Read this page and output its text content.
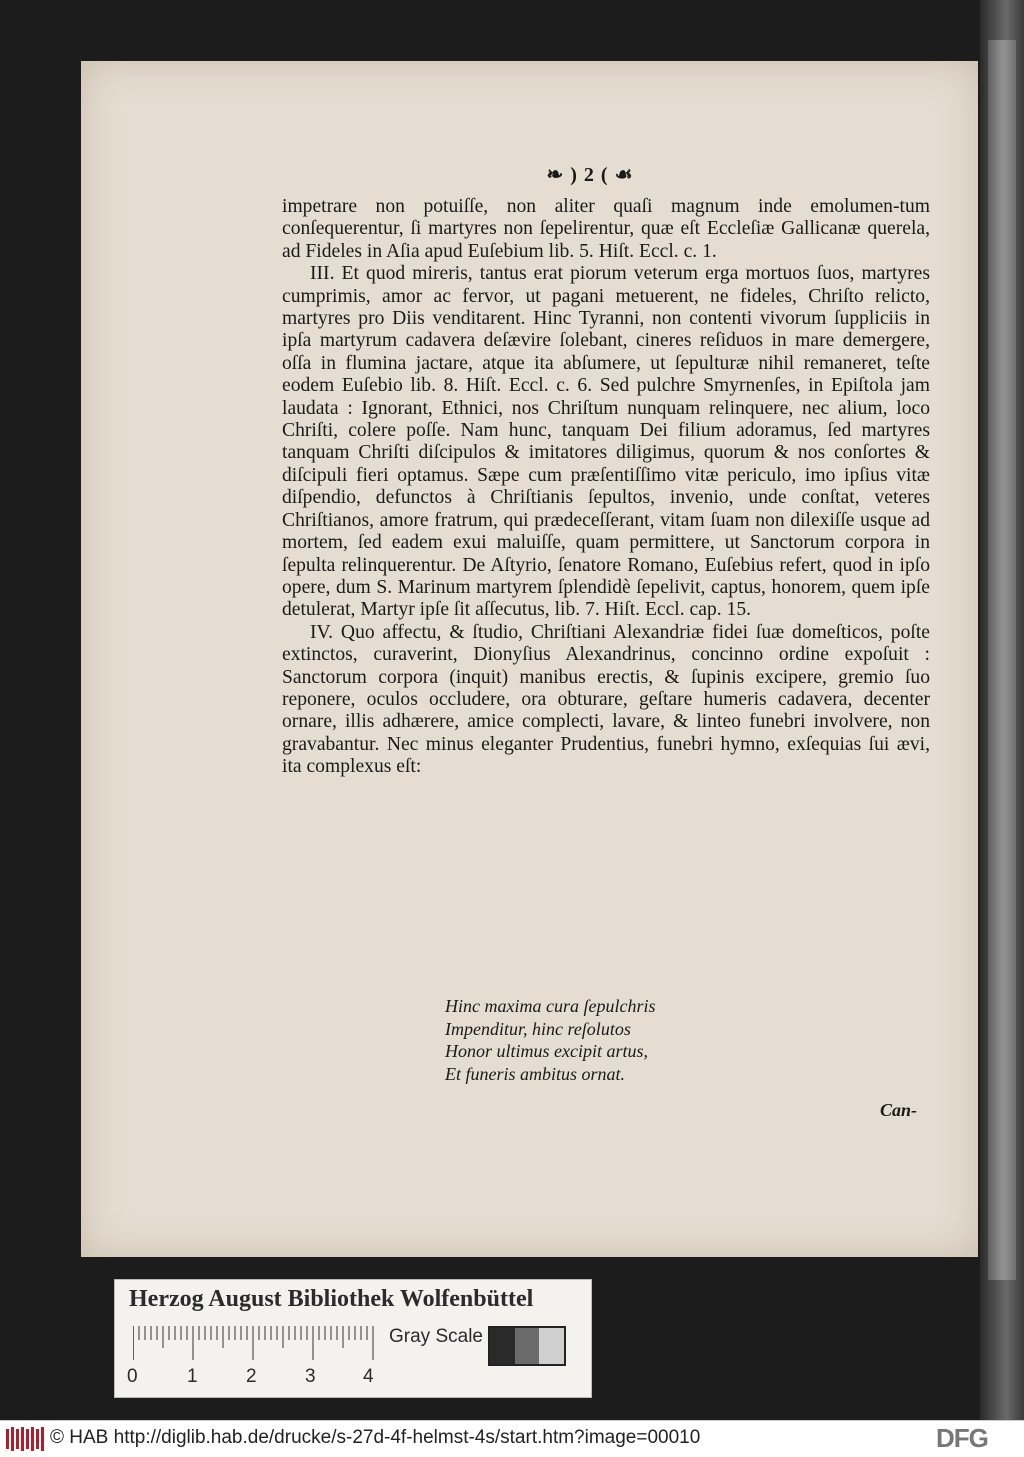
❧ ) 2 ( ☙

impetrare non potuiſſe, non aliter quaſi magnum inde emolumen-tum conſequerentur, ſi martyres non ſepelirentur, quæ eſt Eccleſiæ Gallicanæ querela, ad Fideles in Aſia apud Euſebium lib. 5. Hiſt. Eccl. c. 1.

III. Et quod mireris, tantus erat piorum veterum erga mortuos ſuos, martyres cumprimis, amor ac fervor, ut pagani metuerent, ne fideles, Chriſto relicto, martyres pro Diis venditarent. Hinc Tyranni, non contenti vivorum ſuppliciis in ipſa martyrum cadavera deſævire ſolebant, cineres reſiduos in mare demergere, oſſa in flumina jactare, atque ita abſumere, ut ſepulturæ nihil remaneret, teſte eodem Euſebio lib. 8. Hiſt. Eccl. c. 6. Sed pulchre Smyrnenſes, in Epiſtola jam laudata : Ignorant, Ethnici, nos Chriſtum nunquam relinquere, nec alium, loco Chriſti, colere poſſe. Nam hunc, tanquam Dei filium adoramus, ſed martyres tanquam Chriſti diſcipulos & imitatores diligimus, quorum & nos conſortes & diſcipuli fieri optamus. Sæpe cum præſentiſſimo vitæ periculo, imo ipſius vitæ diſpendio, defunctos à Chriſtianis ſepultos, invenio, unde conſtat, veteres Chriſtianos, amore fratrum, qui prædeceſſerant, vitam ſuam non dilexiſſe usque ad mortem, ſed eadem exui maluiſſe, quam permittere, ut Sanctorum corpora in ſepulta relinquerentur. De Aſtyrio, ſenatore Romano, Euſebius refert, quod in ipſo opere, dum S. Marinum martyrem ſplendidè ſepelivit, captus, honorem, quem ipſe detulerat, Martyr ipſe ſit aſſecutus, lib. 7. Hiſt. Eccl. cap. 15.

IV. Quo affectu, & ſtudio, Chriſtiani Alexandriæ fidei ſuæ domeſticos, poſte extinctos, curaverint, Dionyſius Alexandrinus, concinno ordine expoſuit : Sanctorum corpora (inquit) manibus erectis, & ſupinis excipere, gremio ſuo reponere, oculos occludere, ora obturare, geſtare humeris cadavera, decenter ornare, illis adhærere, amice complecti, lavare, & linteo funebri involvere, non gravabantur. Nec minus eleganter Prudentius, funebri hymno, exſequias ſui ævi, ita complexus eſt:

Hinc maxima cura ſepulchris
Impenditur, hinc reſolutos
Honor ultimus excipit artus,
Et funeris ambitus ornat.
Can-
Herzog August Bibliothek Wolfenbüttel
Gray Scale
0	1	2	3 4
© HAB http://diglib.hab.de/drucke/s-27d-4f-helmst-4s/start.htm?image=00010	DFG
